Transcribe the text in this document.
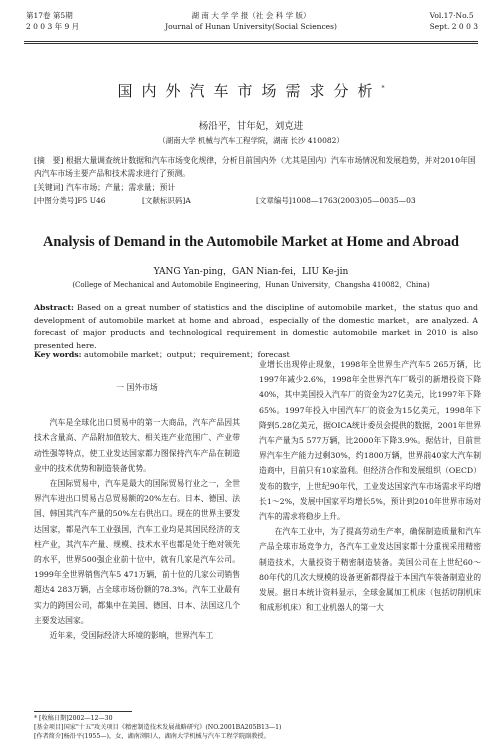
第17卷 第5期
2 0 0 3 年 9 月
湖 南 大 学 学 报（社 会 科 学 版）
Journal of Hunan University(Social Sciences)
Vol.17·No.5
Sept. 2 0 0 3
国内外汽车市场需求分析*
杨沿平，甘年妃，刘克进
（湖南大学 机械与汽车工程学院，湖南 长沙 410082）
[摘　要] 根据大量调查统计数据和汽车市场变化规律，分析目前国内外（尤其是国内）汽车市场情况和发展趋势，并对2010年国内汽车市场主要产品和技术需求进行了预测。
[关键词] 汽车市场；产量；需求量；预计
[中图分类号]F5 U46	[文献标识码]A	[文章编号]1008—1763(2003)05—0035—03
Analysis of Demand in the Automobile Market at Home and Abroad
YANG Yan-ping，GAN Nian-fei，LIU Ke-jin
(College of Mechanical and Automobile Engineering，Hunan University，Changsha 410082，China)
Abstract: Based on a great number of statistics and the discipline of automobile market，the status quo and development of automobile market at home and abroad，especially of the domestic market，are analyzed. A forecast of major products and technological requirement in domestic automobile market in 2010 is also presented here.
Key words: automobile market；output；requirement；forecast

一 国外市场

汽车是全球化出口贸易中的第一大商品，汽车产品因其技术含量高、产品附加值较大、相关连产业范围广、产业带动性强等特点，使工业发达国家都力图保持汽车产品在制造业中的技术优势和制造装备优势。

在国际贸易中，汽车是最大的国际贸易行业之一，全世界汽车进出口贸易占总贸易额的20%左右。日本、德国、法国、韩国其汽车产量的50%左右供出口。现在的世界主要发达国家，都是汽车工业强国，汽车工业均是其国民经济的支柱产业，其汽车产量、规模、技术水平也都是处于绝对领先的水平，世界500强企业前十位中，就有几家是汽车公司。1999年全世界销售汽车5 471万辆，前十位的几家公司销售超达4 283万辆，占全球市场份额的78.3%。汽车工业最有实力的跨国公司，都集中在美国、德国、日本、法国这几个主要发达国家。

近年来，受国际经济大环境的影响，世界汽车工

业增长出现停止现象，1998年全世界生产汽车5 265万辆，比1997年减少2.6%，1998年全世界汽车厂吸引的新增投资下降40%，其中美国投入汽车厂的资金为27亿美元，比1997年下降65%。1997年投入中国汽车厂的资金为15亿美元，1998年下降到5.28亿美元，据OICA统计委员会提供的数据，2001年世界汽车产量为5 577万辆，比2000年下降3.9%。据估计，目前世界汽车生产能力过剩30%，约1800万辆，世界前40家大汽车制造商中，目前只有10家盈利。但经济合作和发展组织（OECD）发布的数字，上世纪90年代，工业发达国家汽车市场需求平均增长1～2%，发展中国家平均增长5%，预计到2010年世界市场对汽车的需求将稳步上升。

在汽车工业中，为了提高劳动生产率，确保制造质量和汽车产品全球市场竞争力，各汽车工业发达国家都十分重视采用精密制造技术，大量投资于精密制造装备。美国公司在上世纪60～80年代的几次大规模的设备更新都得益于本国汽车装备制造业的发展。据日本统计资料显示，全球金属加工机床（包括切削机床和成形机床）和工业机器人的第一大

* [收稿日期]2002—12—30
[基金项目]国家"十五"攻关项目《精密制造技术发展战略研究》(NO.2001BA205B13—1)
[作者简介]杨沿平(1955—)，女，湖南浏阳人，湖南大学机械与汽车工程学院副教授。
